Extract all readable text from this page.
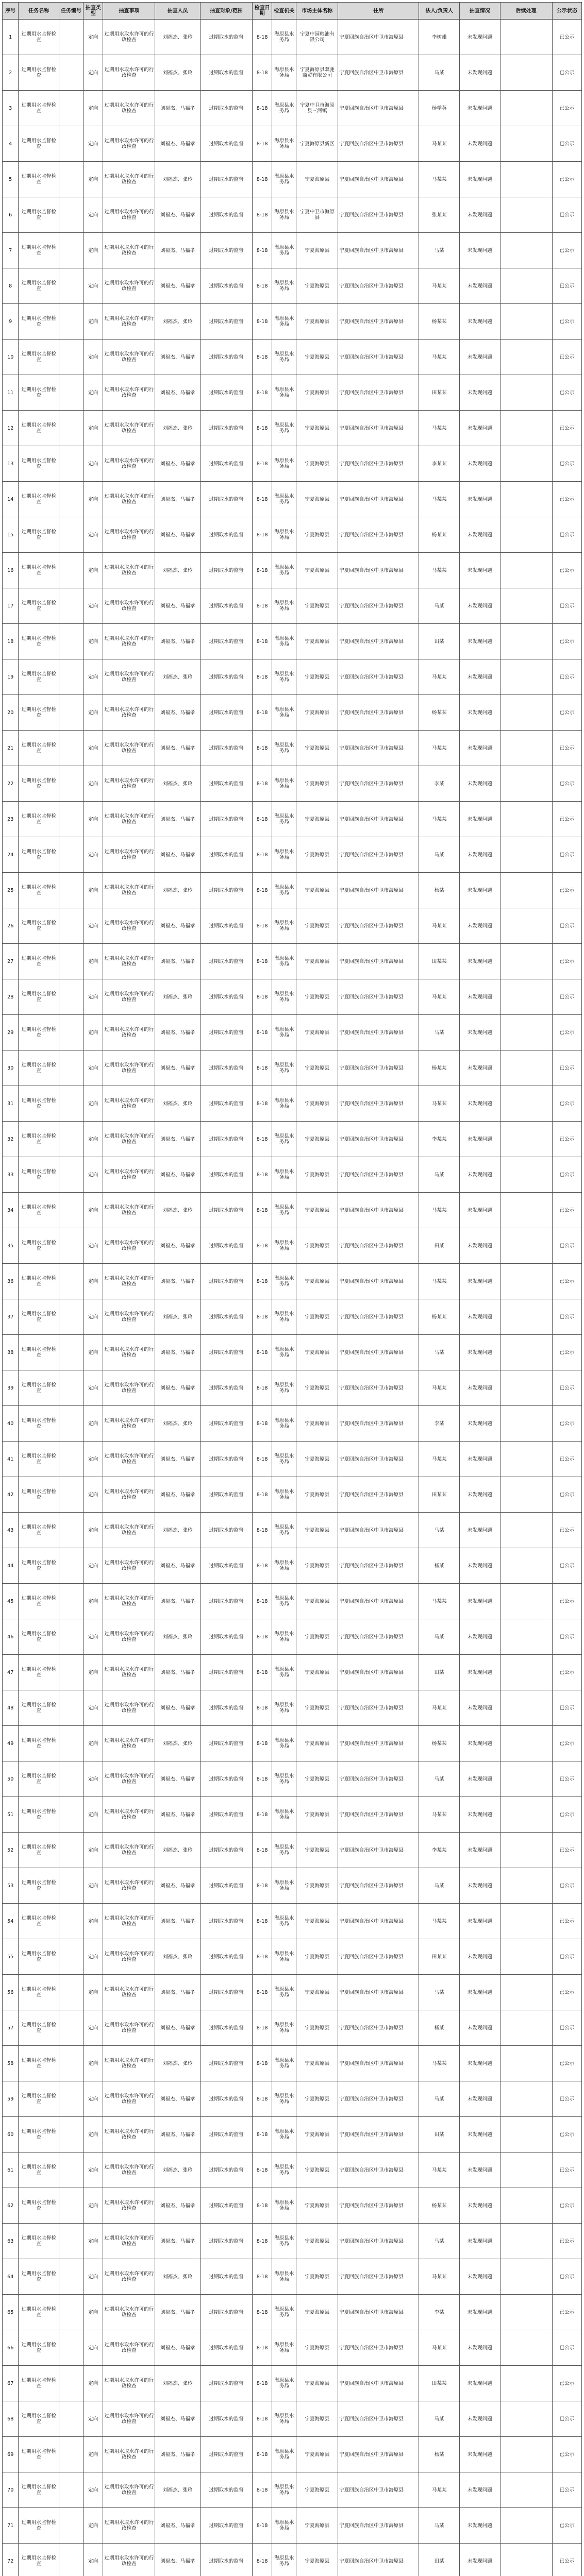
序号	任务名称	任务编号	抽查类型	抽查事项	抽查人员	抽查对象/范围	检查日期	检查机关	市场主体名称	住所	法人/负责人	抽查情况	后续处理	公示状态
1	过期用水监督检查		定向	过期用水取水许可的行政检查	刘福杰、张玲	过期取水的监督	8-18	海原县水务局	宁夏中园粮油有限公司	宁夏回族自治区中卫市海原县	李树雄	未发现问题		已公示
2	过期用水监督检查		定向	过期用水取水许可的行政检查	刘福杰、张玲	过期取水的监督	8-18	海原县水务局	宁夏海原县双驰商贸有限公司	宁夏回族自治区中卫市海原县	马某	未发现问题		已公示
3	过期用水监督检查		定向	过期用水取水许可的行政检查	刘福杰、马福孝	过期取水的监督	8-18	海原县水务局	宁夏中卫市海原县三河镇	宁夏回族自治区中卫市海原县	杨学英	未发现问题		已公示
4	过期用水监督检查		定向	过期用水取水许可的行政检查	刘福杰、马福孝	过期取水的监督	8-18	海原县水务局	宁夏海原县新区	宁夏回族自治区中卫市海原县	马某某	未发现问题		已公示
5	过期用水监督检查		定向	过期用水取水许可的行政检查	刘福杰、张玲	过期取水的监督	8-18	海原县水务局	宁夏海原县	宁夏回族自治区中卫市海原县	马某某	未发现问题		已公示
6	过期用水监督检查		定向	过期用水取水许可的行政检查	刘福杰、马福孝	过期取水的监督	8-18	海原县水务局	宁夏中卫市海原县	宁夏回族自治区中卫市海原县	张某某	未发现问题		已公示
7	过期用水监督检查		定向	过期用水取水许可的行政检查	刘福杰、马福孝	过期取水的监督	8-18	海原县水务局	宁夏海原县	宁夏回族自治区中卫市海原县	马某	未发现问题		已公示
8	过期用水监督检查		定向	过期用水取水许可的行政检查	刘福杰、马福孝	过期取水的监督	8-18	海原县水务局	宁夏海原县	宁夏回族自治区中卫市海原县	马某某	未发现问题		已公示
9	过期用水监督检查		定向	过期用水取水许可的行政检查	刘福杰、张玲	过期取水的监督	8-18	海原县水务局	宁夏海原县	宁夏回族自治区中卫市海原县	杨某某	未发现问题		已公示
10	过期用水监督检查		定向	过期用水取水许可的行政检查	刘福杰、马福孝	过期取水的监督	8-18	海原县水务局	宁夏海原县	宁夏回族自治区中卫市海原县	马某某	未发现问题		已公示
11	过期用水监督检查		定向	过期用水取水许可的行政检查	刘福杰、马福孝	过期取水的监督	8-18	海原县水务局	宁夏海原县	宁夏回族自治区中卫市海原县	田某某	未发现问题		已公示
12	过期用水监督检查		定向	过期用水取水许可的行政检查	刘福杰、张玲	过期取水的监督	8-18	海原县水务局	宁夏海原县	宁夏回族自治区中卫市海原县	马某某	未发现问题		已公示
13	过期用水监督检查		定向	过期用水取水许可的行政检查	刘福杰、马福孝	过期取水的监督	8-18	海原县水务局	宁夏海原县	宁夏回族自治区中卫市海原县	李某某	未发现问题		已公示
14	过期用水监督检查		定向	过期用水取水许可的行政检查	刘福杰、马福孝	过期取水的监督	8-18	海原县水务局	宁夏海原县	宁夏回族自治区中卫市海原县	马某某	未发现问题		已公示
15	过期用水监督检查		定向	过期用水取水许可的行政检查	刘福杰、马福孝	过期取水的监督	8-18	海原县水务局	宁夏海原县	宁夏回族自治区中卫市海原县	杨某某	未发现问题		已公示
16	过期用水监督检查		定向	过期用水取水许可的行政检查	刘福杰、张玲	过期取水的监督	8-18	海原县水务局	宁夏海原县	宁夏回族自治区中卫市海原县	马某某	未发现问题		已公示
17	过期用水监督检查		定向	过期用水取水许可的行政检查	刘福杰、马福孝	过期取水的监督	8-18	海原县水务局	宁夏海原县	宁夏回族自治区中卫市海原县	马某	未发现问题		已公示
18	过期用水监督检查		定向	过期用水取水许可的行政检查	刘福杰、马福孝	过期取水的监督	8-18	海原县水务局	宁夏海原县	宁夏回族自治区中卫市海原县	田某	未发现问题		已公示
19	过期用水监督检查		定向	过期用水取水许可的行政检查	刘福杰、张玲	过期取水的监督	8-18	海原县水务局	宁夏海原县	宁夏回族自治区中卫市海原县	马某某	未发现问题		已公示
20	过期用水监督检查		定向	过期用水取水许可的行政检查	刘福杰、马福孝	过期取水的监督	8-18	海原县水务局	宁夏海原县	宁夏回族自治区中卫市海原县	杨某某	未发现问题		已公示
21	过期用水监督检查		定向	过期用水取水许可的行政检查	刘福杰、马福孝	过期取水的监督	8-18	海原县水务局	宁夏海原县	宁夏回族自治区中卫市海原县	马某某	未发现问题		已公示
22	过期用水监督检查		定向	过期用水取水许可的行政检查	刘福杰、张玲	过期取水的监督	8-18	海原县水务局	宁夏海原县	宁夏回族自治区中卫市海原县	李某	未发现问题		已公示
23	过期用水监督检查		定向	过期用水取水许可的行政检查	刘福杰、马福孝	过期取水的监督	8-18	海原县水务局	宁夏海原县	宁夏回族自治区中卫市海原县	马某某	未发现问题		已公示
24	过期用水监督检查		定向	过期用水取水许可的行政检查	刘福杰、马福孝	过期取水的监督	8-18	海原县水务局	宁夏海原县	宁夏回族自治区中卫市海原县	马某	未发现问题		已公示
25	过期用水监督检查		定向	过期用水取水许可的行政检查	刘福杰、张玲	过期取水的监督	8-18	海原县水务局	宁夏海原县	宁夏回族自治区中卫市海原县	杨某	未发现问题		已公示
26	过期用水监督检查		定向	过期用水取水许可的行政检查	刘福杰、马福孝	过期取水的监督	8-18	海原县水务局	宁夏海原县	宁夏回族自治区中卫市海原县	马某某	未发现问题		已公示
27	过期用水监督检查		定向	过期用水取水许可的行政检查	刘福杰、马福孝	过期取水的监督	8-18	海原县水务局	宁夏海原县	宁夏回族自治区中卫市海原县	田某某	未发现问题		已公示
28	过期用水监督检查		定向	过期用水取水许可的行政检查	刘福杰、张玲	过期取水的监督	8-18	海原县水务局	宁夏海原县	宁夏回族自治区中卫市海原县	马某某	未发现问题		已公示
29	过期用水监督检查		定向	过期用水取水许可的行政检查	刘福杰、马福孝	过期取水的监督	8-18	海原县水务局	宁夏海原县	宁夏回族自治区中卫市海原县	马某	未发现问题		已公示
30	过期用水监督检查		定向	过期用水取水许可的行政检查	刘福杰、马福孝	过期取水的监督	8-18	海原县水务局	宁夏海原县	宁夏回族自治区中卫市海原县	杨某某	未发现问题		已公示
31	过期用水监督检查		定向	过期用水取水许可的行政检查	刘福杰、张玲	过期取水的监督	8-18	海原县水务局	宁夏海原县	宁夏回族自治区中卫市海原县	马某某	未发现问题		已公示
32	过期用水监督检查		定向	过期用水取水许可的行政检查	刘福杰、马福孝	过期取水的监督	8-18	海原县水务局	宁夏海原县	宁夏回族自治区中卫市海原县	李某某	未发现问题		已公示
33	过期用水监督检查		定向	过期用水取水许可的行政检查	刘福杰、马福孝	过期取水的监督	8-18	海原县水务局	宁夏海原县	宁夏回族自治区中卫市海原县	马某	未发现问题		已公示
34	过期用水监督检查		定向	过期用水取水许可的行政检查	刘福杰、张玲	过期取水的监督	8-18	海原县水务局	宁夏海原县	宁夏回族自治区中卫市海原县	马某某	未发现问题		已公示
35	过期用水监督检查		定向	过期用水取水许可的行政检查	刘福杰、马福孝	过期取水的监督	8-18	海原县水务局	宁夏海原县	宁夏回族自治区中卫市海原县	田某	未发现问题		已公示
36	过期用水监督检查		定向	过期用水取水许可的行政检查	刘福杰、马福孝	过期取水的监督	8-18	海原县水务局	宁夏海原县	宁夏回族自治区中卫市海原县	马某某	未发现问题		已公示
37	过期用水监督检查		定向	过期用水取水许可的行政检查	刘福杰、张玲	过期取水的监督	8-18	海原县水务局	宁夏海原县	宁夏回族自治区中卫市海原县	杨某某	未发现问题		已公示
38	过期用水监督检查		定向	过期用水取水许可的行政检查	刘福杰、马福孝	过期取水的监督	8-18	海原县水务局	宁夏海原县	宁夏回族自治区中卫市海原县	马某	未发现问题		已公示
39	过期用水监督检查		定向	过期用水取水许可的行政检查	刘福杰、马福孝	过期取水的监督	8-18	海原县水务局	宁夏海原县	宁夏回族自治区中卫市海原县	马某某	未发现问题		已公示
40	过期用水监督检查		定向	过期用水取水许可的行政检查	刘福杰、张玲	过期取水的监督	8-18	海原县水务局	宁夏海原县	宁夏回族自治区中卫市海原县	李某	未发现问题		已公示
41	过期用水监督检查		定向	过期用水取水许可的行政检查	刘福杰、马福孝	过期取水的监督	8-18	海原县水务局	宁夏海原县	宁夏回族自治区中卫市海原县	马某某	未发现问题		已公示
42	过期用水监督检查		定向	过期用水取水许可的行政检查	刘福杰、马福孝	过期取水的监督	8-18	海原县水务局	宁夏海原县	宁夏回族自治区中卫市海原县	田某某	未发现问题		已公示
43	过期用水监督检查		定向	过期用水取水许可的行政检查	刘福杰、张玲	过期取水的监督	8-18	海原县水务局	宁夏海原县	宁夏回族自治区中卫市海原县	马某	未发现问题		已公示
44	过期用水监督检查		定向	过期用水取水许可的行政检查	刘福杰、马福孝	过期取水的监督	8-18	海原县水务局	宁夏海原县	宁夏回族自治区中卫市海原县	杨某	未发现问题		已公示
45	过期用水监督检查		定向	过期用水取水许可的行政检查	刘福杰、马福孝	过期取水的监督	8-18	海原县水务局	宁夏海原县	宁夏回族自治区中卫市海原县	马某某	未发现问题		已公示
46	过期用水监督检查		定向	过期用水取水许可的行政检查	刘福杰、张玲	过期取水的监督	8-18	海原县水务局	宁夏海原县	宁夏回族自治区中卫市海原县	马某	未发现问题		已公示
47	过期用水监督检查		定向	过期用水取水许可的行政检查	刘福杰、马福孝	过期取水的监督	8-18	海原县水务局	宁夏海原县	宁夏回族自治区中卫市海原县	田某	未发现问题		已公示
48	过期用水监督检查		定向	过期用水取水许可的行政检查	刘福杰、马福孝	过期取水的监督	8-18	海原县水务局	宁夏海原县	宁夏回族自治区中卫市海原县	马某某	未发现问题		已公示
49	过期用水监督检查		定向	过期用水取水许可的行政检查	刘福杰、张玲	过期取水的监督	8-18	海原县水务局	宁夏海原县	宁夏回族自治区中卫市海原县	杨某某	未发现问题		已公示
50	过期用水监督检查		定向	过期用水取水许可的行政检查	刘福杰、马福孝	过期取水的监督	8-18	海原县水务局	宁夏海原县	宁夏回族自治区中卫市海原县	马某	未发现问题		已公示
51	过期用水监督检查		定向	过期用水取水许可的行政检查	刘福杰、马福孝	过期取水的监督	8-18	海原县水务局	宁夏海原县	宁夏回族自治区中卫市海原县	马某某	未发现问题		已公示
52	过期用水监督检查		定向	过期用水取水许可的行政检查	刘福杰、张玲	过期取水的监督	8-18	海原县水务局	宁夏海原县	宁夏回族自治区中卫市海原县	李某某	未发现问题		已公示
53	过期用水监督检查		定向	过期用水取水许可的行政检查	刘福杰、马福孝	过期取水的监督	8-18	海原县水务局	宁夏海原县	宁夏回族自治区中卫市海原县	马某	未发现问题		已公示
54	过期用水监督检查		定向	过期用水取水许可的行政检查	刘福杰、马福孝	过期取水的监督	8-18	海原县水务局	宁夏海原县	宁夏回族自治区中卫市海原县	马某某	未发现问题		已公示
55	过期用水监督检查		定向	过期用水取水许可的行政检查	刘福杰、张玲	过期取水的监督	8-18	海原县水务局	宁夏海原县	宁夏回族自治区中卫市海原县	田某某	未发现问题		已公示
56	过期用水监督检查		定向	过期用水取水许可的行政检查	刘福杰、马福孝	过期取水的监督	8-18	海原县水务局	宁夏海原县	宁夏回族自治区中卫市海原县	马某	未发现问题		已公示
57	过期用水监督检查		定向	过期用水取水许可的行政检查	刘福杰、马福孝	过期取水的监督	8-18	海原县水务局	宁夏海原县	宁夏回族自治区中卫市海原县	杨某	未发现问题		已公示
58	过期用水监督检查		定向	过期用水取水许可的行政检查	刘福杰、张玲	过期取水的监督	8-18	海原县水务局	宁夏海原县	宁夏回族自治区中卫市海原县	马某某	未发现问题		已公示
59	过期用水监督检查		定向	过期用水取水许可的行政检查	刘福杰、马福孝	过期取水的监督	8-18	海原县水务局	宁夏海原县	宁夏回族自治区中卫市海原县	马某	未发现问题		已公示
60	过期用水监督检查		定向	过期用水取水许可的行政检查	刘福杰、马福孝	过期取水的监督	8-18	海原县水务局	宁夏海原县	宁夏回族自治区中卫市海原县	田某	未发现问题		已公示
61	过期用水监督检查		定向	过期用水取水许可的行政检查	刘福杰、张玲	过期取水的监督	8-18	海原县水务局	宁夏海原县	宁夏回族自治区中卫市海原县	马某某	未发现问题		已公示
62	过期用水监督检查		定向	过期用水取水许可的行政检查	刘福杰、马福孝	过期取水的监督	8-18	海原县水务局	宁夏海原县	宁夏回族自治区中卫市海原县	杨某某	未发现问题		已公示
63	过期用水监督检查		定向	过期用水取水许可的行政检查	刘福杰、马福孝	过期取水的监督	8-18	海原县水务局	宁夏海原县	宁夏回族自治区中卫市海原县	马某	未发现问题		已公示
64	过期用水监督检查		定向	过期用水取水许可的行政检查	刘福杰、张玲	过期取水的监督	8-18	海原县水务局	宁夏海原县	宁夏回族自治区中卫市海原县	马某某	未发现问题		已公示
65	过期用水监督检查		定向	过期用水取水许可的行政检查	刘福杰、马福孝	过期取水的监督	8-18	海原县水务局	宁夏海原县	宁夏回族自治区中卫市海原县	李某	未发现问题		已公示
66	过期用水监督检查		定向	过期用水取水许可的行政检查	刘福杰、马福孝	过期取水的监督	8-18	海原县水务局	宁夏海原县	宁夏回族自治区中卫市海原县	马某某	未发现问题		已公示
67	过期用水监督检查		定向	过期用水取水许可的行政检查	刘福杰、张玲	过期取水的监督	8-18	海原县水务局	宁夏海原县	宁夏回族自治区中卫市海原县	田某某	未发现问题		已公示
68	过期用水监督检查		定向	过期用水取水许可的行政检查	刘福杰、马福孝	过期取水的监督	8-18	海原县水务局	宁夏海原县	宁夏回族自治区中卫市海原县	马某	未发现问题		已公示
69	过期用水监督检查		定向	过期用水取水许可的行政检查	刘福杰、马福孝	过期取水的监督	8-18	海原县水务局	宁夏海原县	宁夏回族自治区中卫市海原县	杨某	未发现问题		已公示
70	过期用水监督检查		定向	过期用水取水许可的行政检查	刘福杰、张玲	过期取水的监督	8-18	海原县水务局	宁夏海原县	宁夏回族自治区中卫市海原县	马某某	未发现问题		已公示
71	过期用水监督检查		定向	过期用水取水许可的行政检查	刘福杰、马福孝	过期取水的监督	8-18	海原县水务局	宁夏海原县	宁夏回族自治区中卫市海原县	马某	未发现问题		已公示
72	过期用水监督检查		定向	过期用水取水许可的行政检查	刘福杰、马福孝	过期取水的监督	8-18	海原县水务局	宁夏海原县	宁夏回族自治区中卫市海原县	田某	未发现问题		已公示
